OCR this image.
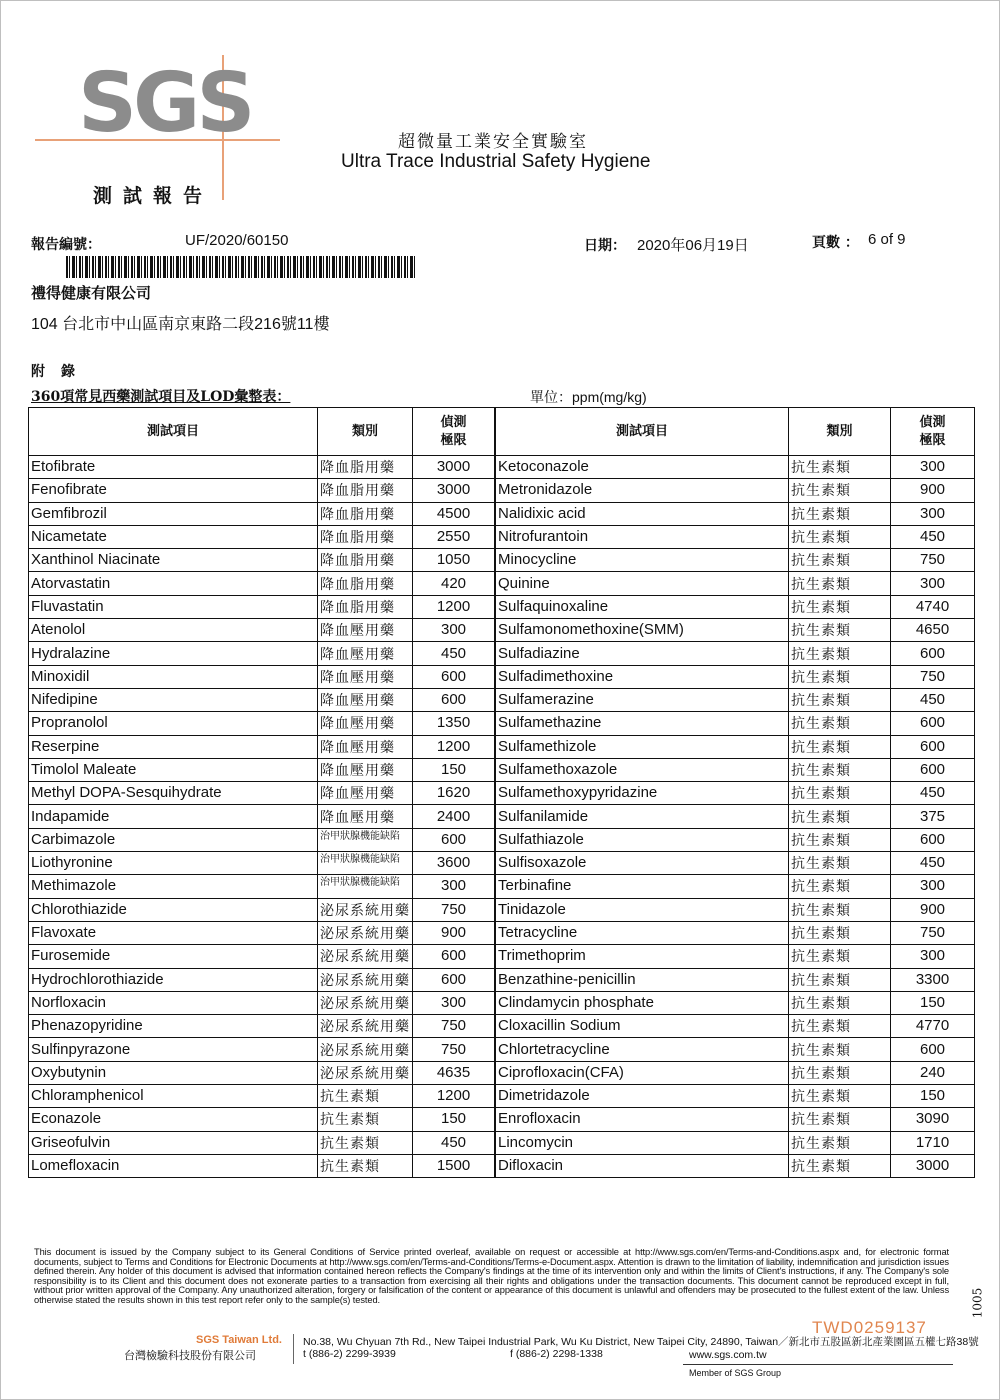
SGS	超微量工業安全實驗室
Ultra Trace Industrial Safety Hygiene
測試報告
報告編號：	UF/2020/60150	日期： 2020年06月19日	頁數 ： 6 of 9
禮得健康有限公司
104 台北市中山區南京東路二段216號11樓
附錄
360項常見西藥測試項目及LOD彙整表：	單位：ppm(mg/kg)
測試項目	類別	偵測
極限

Etofibrate	降血脂用藥	3000
Fenofibrate	降血脂用藥	3000
Gemfibrozil	降血脂用藥	4500
Nicametate	降血脂用藥	2550
Xanthinol Niacinate	降血脂用藥	1050
Atorvastatin	降血脂用藥	420
Fluvastatin	降血脂用藥	1200
Atenolol	降血壓用藥	300
Hydralazine	降血壓用藥	450
Minoxidil	降血壓用藥	600
Nifedipine	降血壓用藥	600
Propranolol	降血壓用藥	1350
Reserpine	降血壓用藥	1200
Timolol Maleate	降血壓用藥	150
Methyl DOPA-Sesquihydrate	降血壓用藥	1620
Indapamide	降血壓用藥	2400
Carbimazole	治甲狀腺機能缺陷	600
Liothyronine	治甲狀腺機能缺陷	3600
Methimazole	治甲狀腺機能缺陷	300
Chlorothiazide	泌尿系統用藥	750
Flavoxate	泌尿系統用藥	900
Furosemide	泌尿系統用藥	600
Hydrochlorothiazide	泌尿系統用藥	600
Norfloxacin	泌尿系統用藥	300
Phenazopyridine	泌尿系統用藥	750
Sulfinpyrazone	泌尿系統用藥	750
Oxybutynin	泌尿系統用藥	4635
Chloramphenicol	抗生素類	1200
Econazole	抗生素類	150
Griseofulvin	抗生素類	450
Lomefloxacin	抗生素類	1500
測試項目	類別	偵測
極限

Ketoconazole	抗生素類	300
Metronidazole	抗生素類	900
Nalidixic acid	抗生素類	300
Nitrofurantoin	抗生素類	450
Minocycline	抗生素類	750
Quinine	抗生素類	300
Sulfaquinoxaline	抗生素類	4740
Sulfamonomethoxine(SMM)	抗生素類	4650
Sulfadiazine	抗生素類	600
Sulfadimethoxine	抗生素類	750
Sulfamerazine	抗生素類	450
Sulfamethazine	抗生素類	600
Sulfamethizole	抗生素類	600
Sulfamethoxazole	抗生素類	600
Sulfamethoxypyridazine	抗生素類	450
Sulfanilamide	抗生素類	375
Sulfathiazole	抗生素類	600
Sulfisoxazole	抗生素類	450
Terbinafine	抗生素類	300
Tinidazole	抗生素類	900
Tetracycline	抗生素類	750
Trimethoprim	抗生素類	300
Benzathine-penicillin	抗生素類	3300
Clindamycin phosphate	抗生素類	150
Cloxacillin Sodium	抗生素類	4770
Chlortetracycline	抗生素類	600
Ciprofloxacin(CFA)	抗生素類	240
Dimetridazole	抗生素類	150
Enrofloxacin	抗生素類	3090
Lincomycin	抗生素類	1710
Difloxacin	抗生素類	3000
This document is issued by the Company subject to its General Conditions of Service printed overleaf, available on request or accessible at http://www.sgs.com/en/Terms-and-Conditions.aspx and, for electronic format documents, subject to Terms and Conditions for Electronic Documents at http://www.sgs.com/en/Terms-and-Conditions/Terms-e-Document.aspx. Attention is drawn to the limitation of liability, indemnification and jurisdiction issues defined therein. Any holder of this document is advised that information contained hereon reflects the Company's findings at the time of its intervention only and within the limits of Client's instructions, if any. The Company's sole responsibility is to its Client and this document does not exonerate parties to a transaction from exercising all their rights and obligations under the transaction documents. This document cannot be reproduced except in full, without prior written approval of the Company. Any unauthorized alteration, forgery or falsification of the content or appearance of this document is unlawful and offenders may be prosecuted to the fullest extent of the law. Unless otherwise stated the results shown in this test report refer only to the sample(s) tested.
TWD0259137
1005
SGS Taiwan Ltd.
台灣檢驗科技股份有限公司
No.38, Wu Chyuan 7th Rd., New Taipei Industrial Park, Wu Ku District, New Taipei City, 24890, Taiwan／新北市五股區新北產業園區五權七路38號
t (886-2) 2299-3939	f (886-2) 2298-1338	www.sgs.com.tw
Member of SGS Group
